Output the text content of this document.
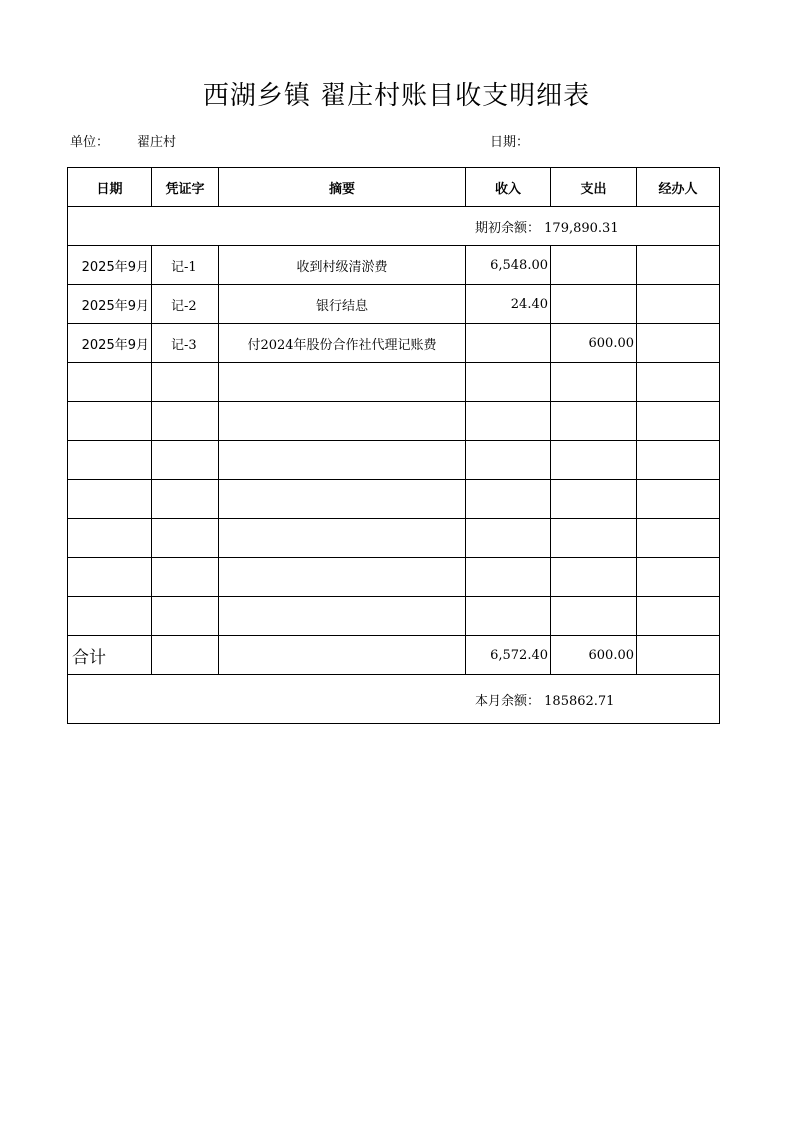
西湖乡镇 翟庄村账目收支明细表
单位： 翟庄村	日期：
日期	凭证字	摘要	收入	支出	经办人
期初余额： 179,890.31					
2025年9月	记-1	收到村级清淤费	6,548.00		
2025年9月	记-2	银行结息	24.40		
2025年9月	记-3	付2024年股份合作社代理记账费		600.00	

合计			6,572.40	600.00	
本月余额： 185862.71					
